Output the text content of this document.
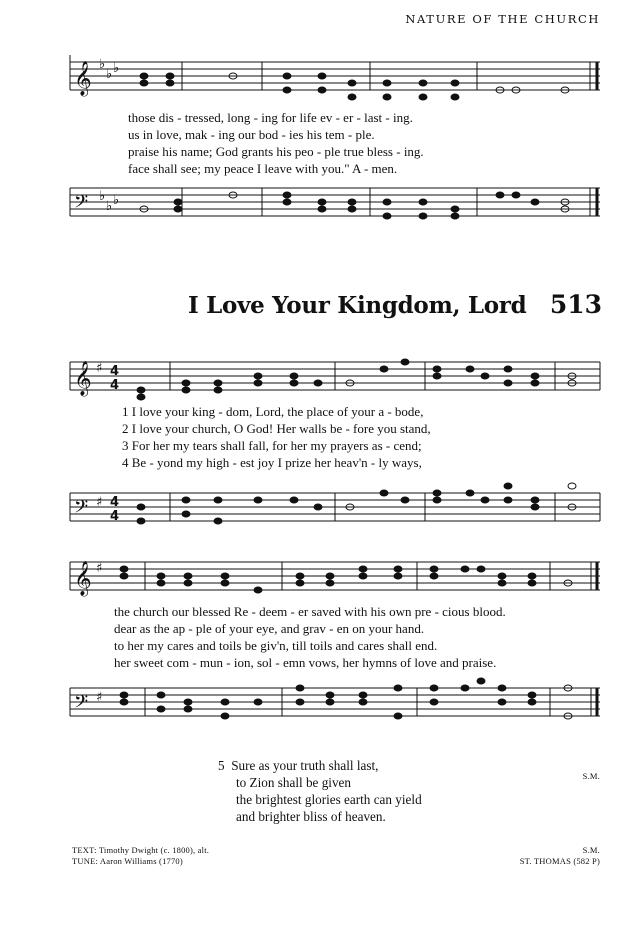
NATURE OF THE CHURCH
𝄞
𝄢
♭
♭ ♭
♭
♭ ♭
𝄞 ♯ 4
4
𝄢 ♯ 4
4
𝄞 ♯
𝄢 ♯
those dis - tressed, long - ing for life ev - er - last - ing.
us in love, mak - ing our bod - ies his tem - ple.
praise his name; God grants his peo - ple true bless - ing.
face shall see; my peace I leave with you." A - men.
I Love Your Kingdom, Lord 513
1 I love your king - dom, Lord, the place of your a - bode,
2 I love your church, O God! Her walls be - fore you stand,
3 For her my tears shall fall, for her my prayers as - cend;
4 Be - yond my high - est joy I prize her heav'n - ly ways,
the church our blessed Re - deem - er saved with his own pre - cious blood.
dear as the ap - ple of your eye, and grav - en on your hand.
to her my cares and toils be giv'n, till toils and cares shall end.
her sweet com - mun - ion, sol - emn vows, her hymns of love and praise.
5 Sure as your truth shall last,
to Zion shall be given
the brightest glories earth can yield
and brighter bliss of heaven.
S.M.
TEXT: Timothy Dwight (c. 1800), alt.
TUNE: Aaron Williams (1770)
S.M.
ST. THOMAS (582 P)
